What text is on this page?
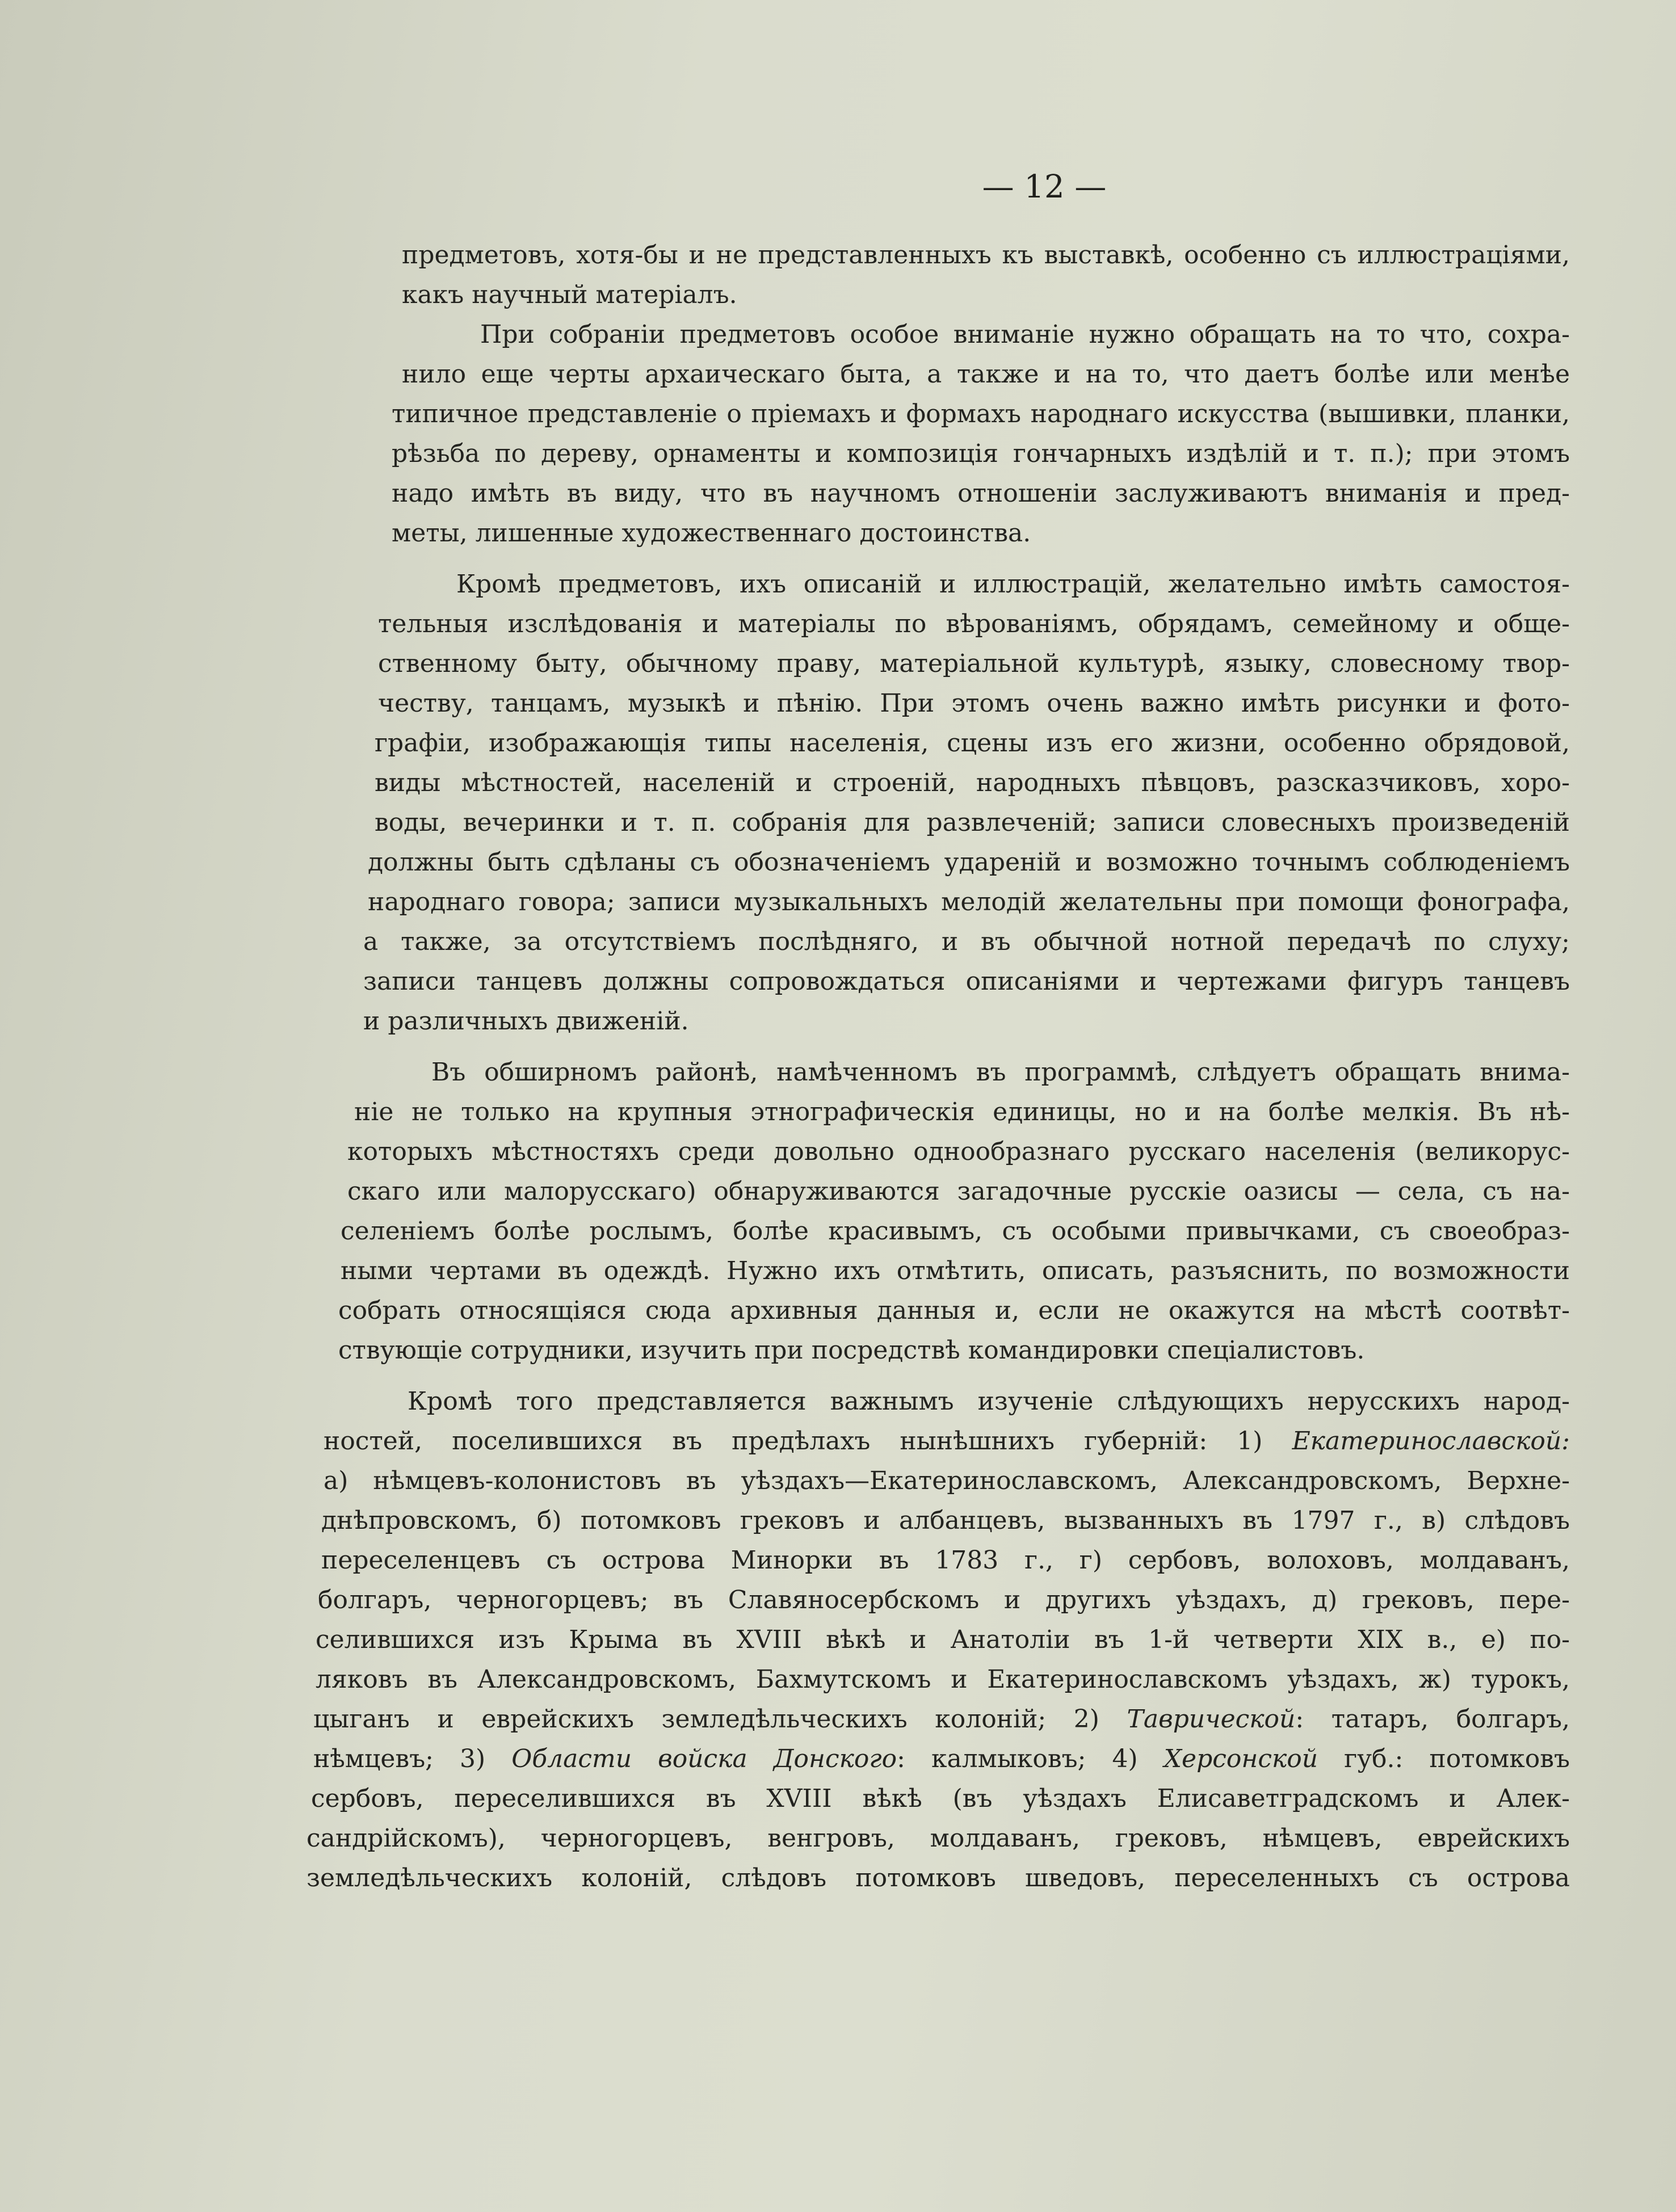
— 12 —
предметовъ, хотя-бы и не представленныхъ къ выставкѣ, особенно съ иллюстраціями,
какъ научный матеріалъ.
При собраніи предметовъ особое вниманіе нужно обращать на то что, сохра-
нило еще черты архаическаго быта, а также и на то, что даетъ болѣе или менѣе
типичное представленіе о пріемахъ и формахъ народнаго искусства (вышивки, планки,
рѣзьба по дереву, орнаменты и композиція гончарныхъ издѣлій и т. п.); при этомъ
надо имѣть въ виду, что въ научномъ отношеніи заслуживаютъ вниманія и пред-
меты, лишенные художественнаго достоинства.
Кромѣ предметовъ, ихъ описаній и иллюстрацій, желательно имѣть самостоя-
тельныя изслѣдованія и матеріалы по вѣрованіямъ, обрядамъ, семейному и обще-
ственному быту, обычному праву, матеріальной культурѣ, языку, словесному твор-
честву, танцамъ, музыкѣ и пѣнію. При этомъ очень важно имѣть рисунки и фото-
графіи, изображающія типы населенія, сцены изъ его жизни, особенно обрядовой,
виды мѣстностей, населеній и строеній, народныхъ пѣвцовъ, разсказчиковъ, хоро-
воды, вечеринки и т. п. собранія для развлеченій; записи словесныхъ произведеній
должны быть сдѣланы съ обозначеніемъ удареній и возможно точнымъ соблюденіемъ
народнаго говора; записи музыкальныхъ мелодій желательны при помощи фонографа,
а также, за отсутствіемъ послѣдняго, и въ обычной нотной передачѣ по слуху;
записи танцевъ должны сопровождаться описаніями и чертежами фигуръ танцевъ
и различныхъ движеній.
Въ обширномъ районѣ, намѣченномъ въ программѣ, слѣдуетъ обращать внима-
ніе не только на крупныя этнографическія единицы, но и на болѣе мелкія. Въ нѣ-
которыхъ мѣстностяхъ среди довольно однообразнаго русскаго населенія (великорус-
скаго или малорусскаго) обнаруживаются загадочные русскіе оазисы — села, съ на-
селеніемъ болѣе рослымъ, болѣе красивымъ, съ особыми привычками, съ своеобраз-
ными чертами въ одеждѣ. Нужно ихъ отмѣтить, описать, разъяснить, по возможности
собрать относящіяся сюда архивныя данныя и, если не окажутся на мѣстѣ соотвѣт-
ствующіе сотрудники, изучить при посредствѣ командировки спеціалистовъ.
Кромѣ того представляется важнымъ изученіе слѣдующихъ нерусскихъ народ-
ностей, поселившихся въ предѣлахъ нынѣшнихъ губерній: 1) Екатеринославской:
а) нѣмцевъ-колонистовъ въ уѣздахъ—Екатеринославскомъ, Александровскомъ, Верхне-
днѣпровскомъ, б) потомковъ грековъ и албанцевъ, вызванныхъ въ 1797 г., в) слѣдовъ
переселенцевъ съ острова Минорки въ 1783 г., г) сербовъ, волоховъ, молдаванъ,
болгаръ, черногорцевъ; въ Славяносербскомъ и другихъ уѣздахъ, д) грековъ, пере-
селившихся изъ Крыма въ XVIII вѣкѣ и Анатоліи въ 1-й четверти XIX в., е) по-
ляковъ въ Александровскомъ, Бахмутскомъ и Екатеринославскомъ уѣздахъ, ж) турокъ,
цыганъ и еврейскихъ земледѣльческихъ колоній; 2) Таврической: татаръ, болгаръ,
нѣмцевъ; 3) Области войска Донского: калмыковъ; 4) Херсонской губ.: потомковъ
сербовъ, переселившихся въ XVIII вѣкѣ (въ уѣздахъ Елисаветградскомъ и Алек-
сандрійскомъ), черногорцевъ, венгровъ, молдаванъ, грековъ, нѣмцевъ, еврейскихъ
земледѣльческихъ колоній, слѣдовъ потомковъ шведовъ, переселенныхъ съ острова
